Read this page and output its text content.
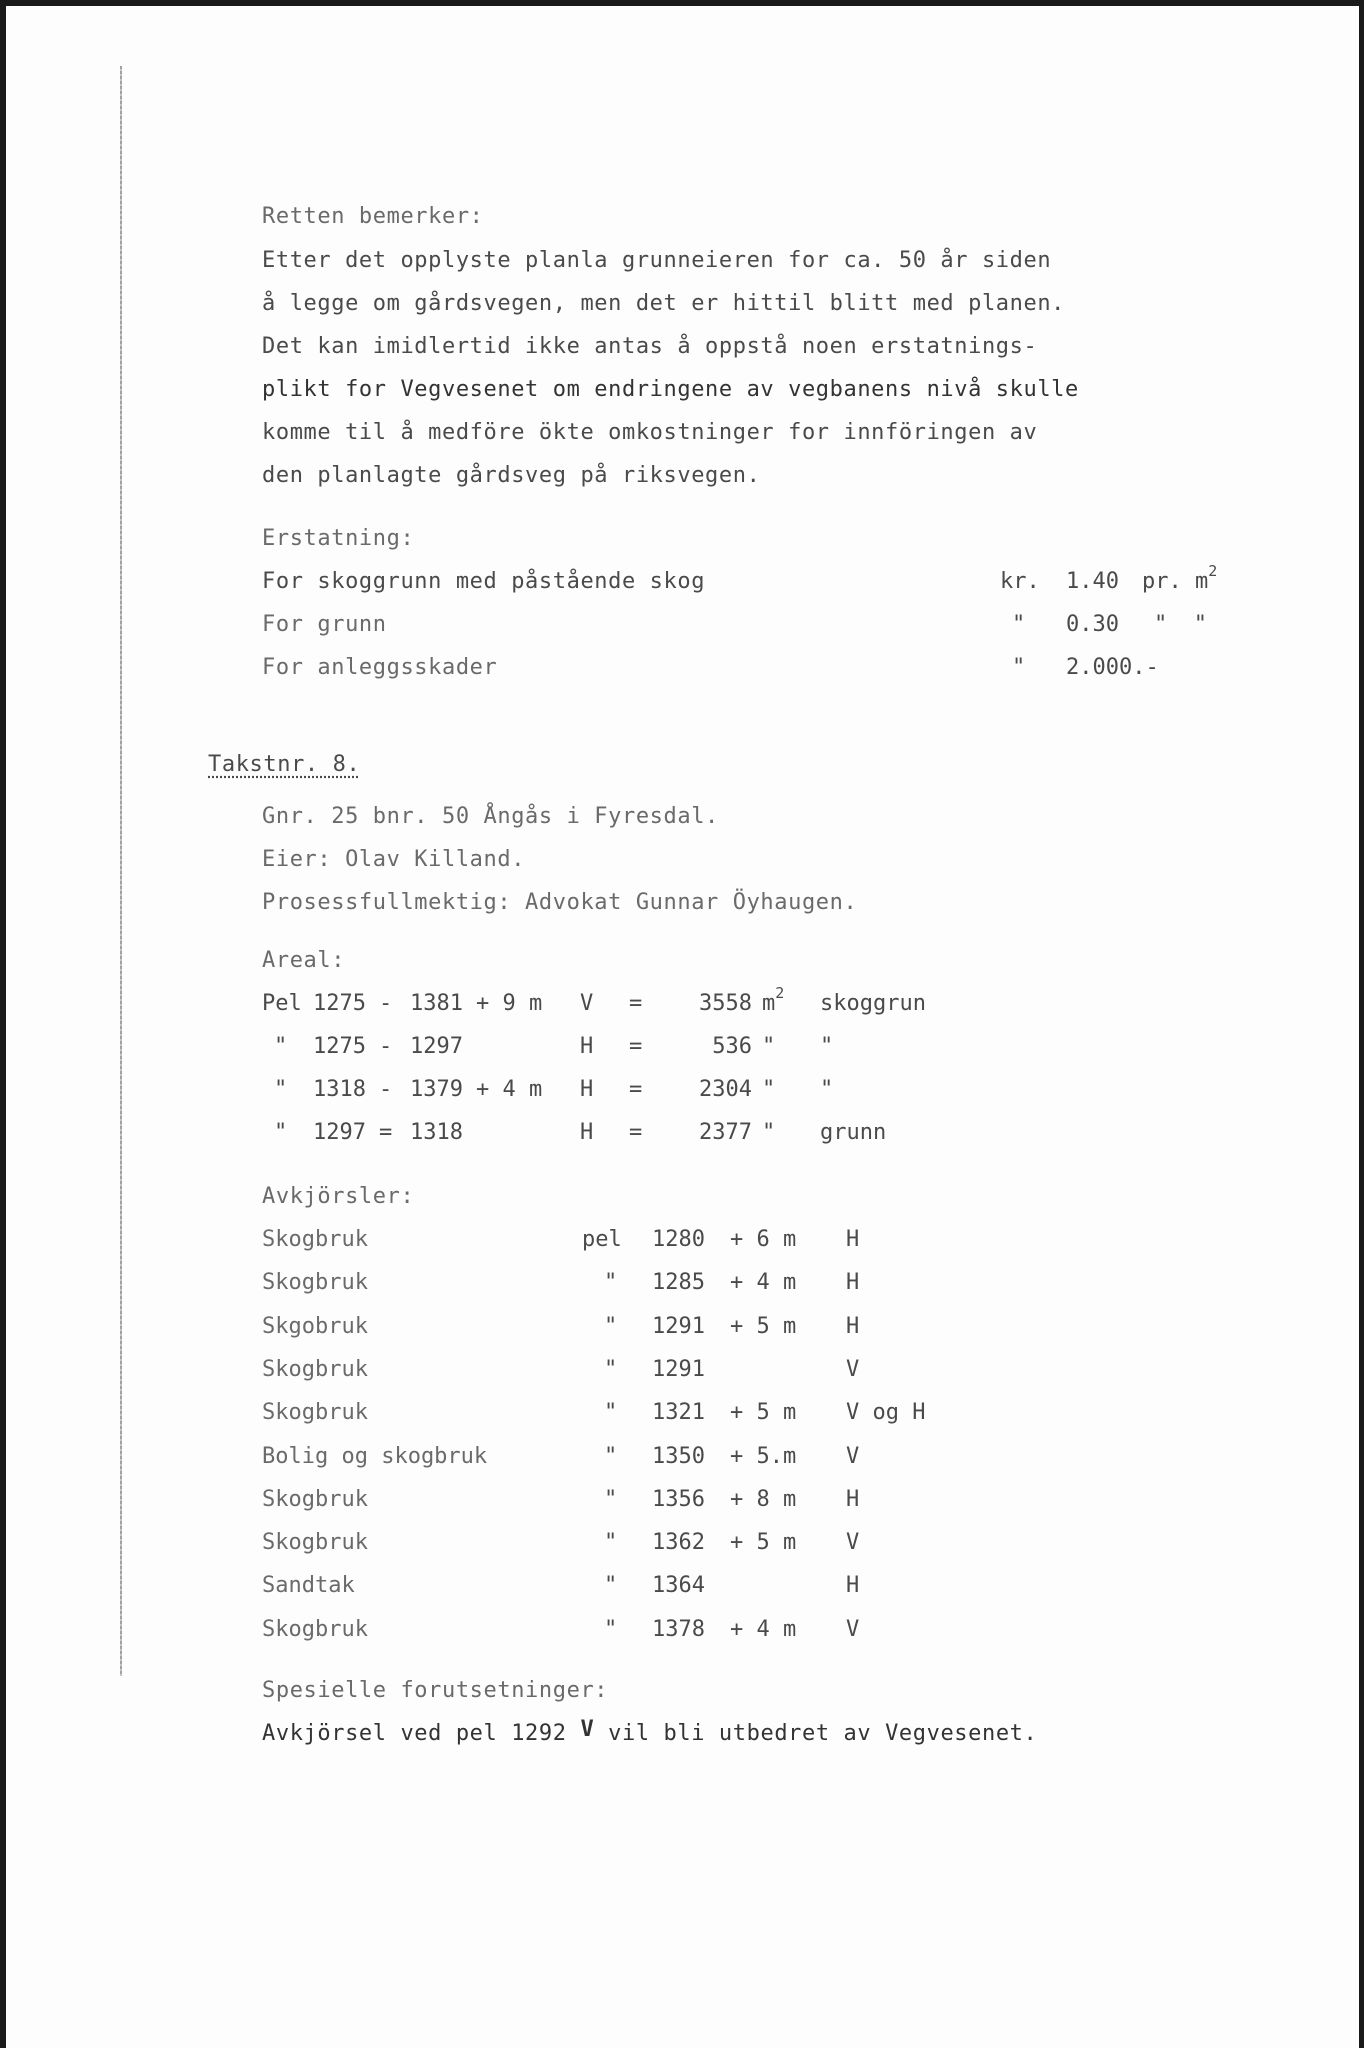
Retten bemerker:
Etter det opplyste planla grunneieren for ca. 50 år siden
å legge om gårdsvegen, men det er hittil blitt med planen.
Det kan imidlertid ikke antas å oppstå noen erstatnings-
plikt for Vegvesenet om endringene av vegbanens nivå skulle
komme til å medföre ökte omkostninger for innföringen av
den planlagte gårdsveg på riksvegen.
Erstatning:
For skoggrunn med påstående skog	kr. 1.40 pr. $m^2$
For grunn	" 0.30 "  "
For anleggsskader	" 2.000.-
Takstnr. 8.
Gnr. 25 bnr. 50 Ångås i Fyresdal.
Eier: Olav Killand.
Prosessfullmektig: Advokat Gunnar Öyhaugen.
Areal:
Pel 1275 - 1381 + 9 m V =	3558 $m^2$ skoggrun
" 1275 - 1297	H =	536 " "
" 1318 - 1379 + 4 m H =	2304 " "
" 1297 = 1318	H =	2377 " grunn
Avkjörsler:
Skogbruk	pel 1280 + 6 m H
Skogbruk	" 1285 + 4 m H
Skgobruk	" 1291 + 5 m H
Skogbruk	" 1291	V
Skogbruk	" 1321 + 5 m V og H
Bolig og skogbruk	" 1350 + 5.m V
Skogbruk	" 1356 + 8 m H
Skogbruk	" 1362 + 5 m V
Sandtak	" 1364	H
Skogbruk	" 1378 + 4 m V
Spesielle forutsetninger:
Avkjörsel ved pel 1292 V vil bli utbedret av Vegvesenet.
